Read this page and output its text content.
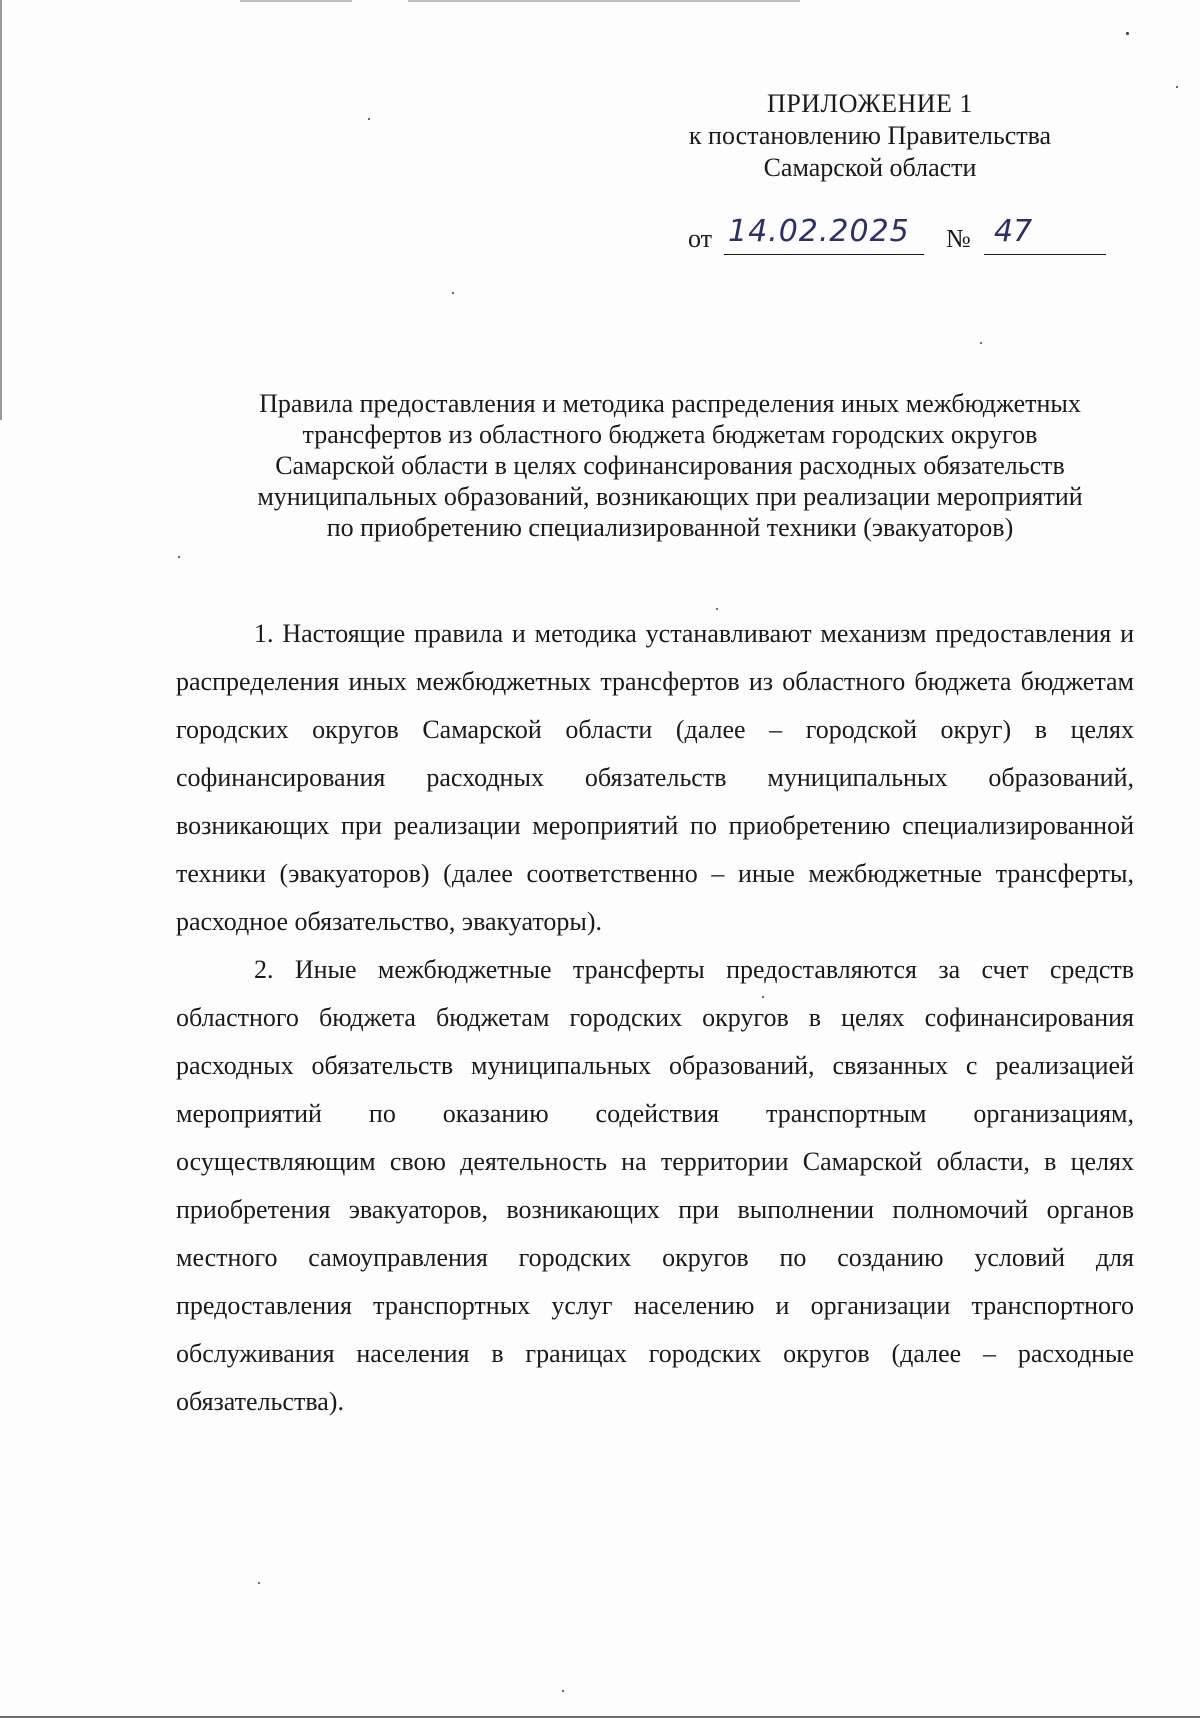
ПРИЛОЖЕНИЕ 1
к постановлению Правительства
Самарской области
от 14.02.2025 № 47
Правила предоставления и методика распределения иных межбюджетных
трансфертов из областного бюджета бюджетам городских округов
Самарской области в целях софинансирования расходных обязательств
муниципальных образований, возникающих при реализации мероприятий
по приобретению специализированной техники (эвакуаторов)

1. Настоящие правила и методика устанавливают механизм предоставления и распределения иных межбюджетных трансфертов из областного бюджета бюджетам городских округов Самарской области (далее – городской округ) в целях софинансирования расходных обязательств муниципальных образований, возникающих при реализации мероприятий по приобретению специализированной техники (эвакуаторов) (далее соответственно – иные межбюджетные трансферты, расходное обязательство, эвакуаторы).

2. Иные межбюджетные трансферты предоставляются за счет средств областного бюджета бюджетам городских округов в целях софинансирования расходных обязательств муниципальных образований, связанных с реализацией мероприятий по оказанию содействия транспортным организациям, осуществляющим свою деятельность на территории Самарской области, в целях приобретения эвакуаторов, возникающих при выполнении полномочий органов местного самоуправления городских округов по созданию условий для предоставления транспортных услуг населению и организации транспортного обслуживания населения в границах городских округов (далее – расходные обязательства).
